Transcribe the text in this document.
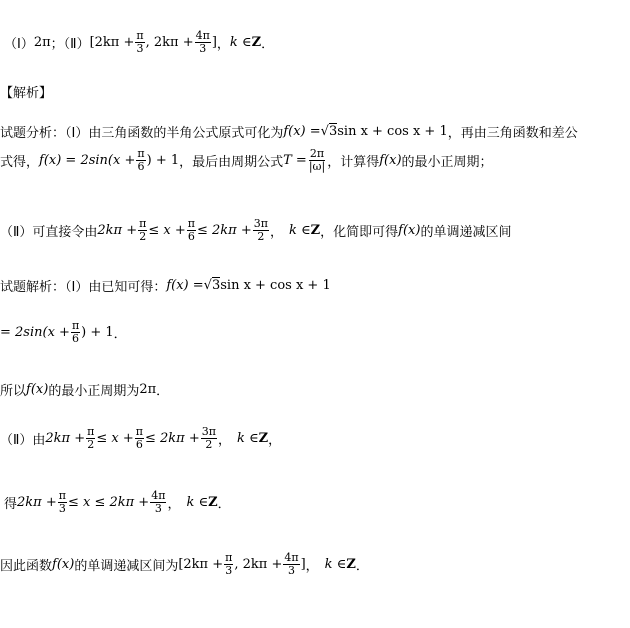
（Ⅰ） 2π ；（Ⅱ） [$2k\pi + \frac{\pi}{3}$ , $2k\pi + \frac{4\pi}{3}$ ] ， k ∈ Z ．
【解析】
试题分析：（Ⅰ）由三角函数的半角公式原式可化为 f(x) = √3 sin x + cos x + 1 ，再由三角函数和差公
式得， $f(x) = 2\sin(x + \frac{\pi}{6}$ ) + 1 ，最后由周期公式 $T = \frac{2\pi}{|\omega|}$ ，计算得 f(x) 的最小正周期；
（Ⅱ）可直接令由 $2k\pi + \frac{\pi}{2} \le x + \frac{\pi}{6} \le 2k\pi + \frac{3\pi}{2}$ ， k ∈ Z ，化简即可得 f(x) 的单调递减区间
试题解析：（Ⅰ）由已知可得： f(x) = √3 sin x + cos x + 1
= $2\sin(x + \frac{\pi}{6}$ ) + 1 ．
所以 f(x) 的最小正周期为 2π ．
（Ⅱ）由 $2k\pi + \frac{\pi}{2} \le x + \frac{\pi}{6} \le 2k\pi + \frac{3\pi}{2}$ ， k ∈ Z ，
得 $2k\pi + \frac{\pi}{3} \le x \le 2k\pi + \frac{4\pi}{3}$ ， k ∈ Z ．
因此函数 f(x) 的单调递减区间为 [$2k\pi + \frac{\pi}{3}$ , $2k\pi + \frac{4\pi}{3}$ ] ， k ∈ Z ．
